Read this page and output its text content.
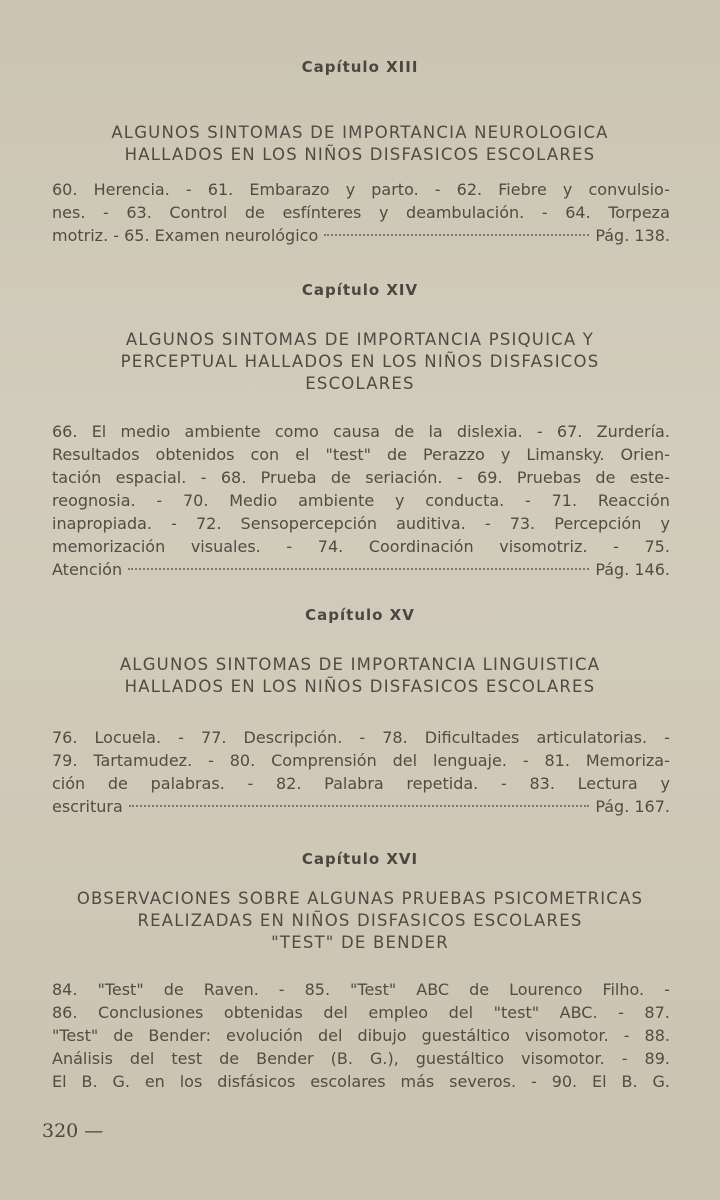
Capítulo XIII
ALGUNOS SINTOMAS DE IMPORTANCIA NEUROLOGICA
HALLADOS EN LOS NIÑOS DISFASICOS ESCOLARES
60. Herencia. - 61. Embarazo y parto. - 62. Fiebre y convulsio-
nes. - 63. Control de esfínteres y deambulación. - 64. Torpeza
motriz. - 65. Examen neurológico	Pág. 138.
Capítulo XIV
ALGUNOS SINTOMAS DE IMPORTANCIA PSIQUICA Y
PERCEPTUAL HALLADOS EN LOS NIÑOS DISFASICOS
ESCOLARES
66. El medio ambiente como causa de la dislexia. - 67. Zurdería.
Resultados obtenidos con el "test" de Perazzo y Limansky. Orien-
tación espacial. - 68. Prueba de seriación. - 69. Pruebas de este-
reognosia. - 70. Medio ambiente y conducta. - 71. Reacción
inapropiada. - 72. Sensopercepción auditiva. - 73. Percepción y
memorización visuales. - 74. Coordinación visomotriz. - 75.
Atención	Pág. 146.
Capítulo XV
ALGUNOS SINTOMAS DE IMPORTANCIA LINGUISTICA
HALLADOS EN LOS NIÑOS DISFASICOS ESCOLARES
76. Locuela. - 77. Descripción. - 78. Dificultades articulatorias. -
79. Tartamudez. - 80. Comprensión del lenguaje. - 81. Memoriza-
ción de palabras. - 82. Palabra repetida. - 83. Lectura y
escritura	Pág. 167.
Capítulo XVI
OBSERVACIONES SOBRE ALGUNAS PRUEBAS PSICOMETRICAS
REALIZADAS EN NIÑOS DISFASICOS ESCOLARES
"TEST" DE BENDER
84. "Test" de Raven. - 85. "Test" ABC de Lourenco Filho. -
86. Conclusiones obtenidas del empleo del "test" ABC. - 87.
"Test" de Bender: evolución del dibujo guestáltico visomotor. - 88.
Análisis del test de Bender (B. G.), guestáltico visomotor. - 89.
El B. G. en los disfásicos escolares más severos. - 90. El B. G.
320 —
